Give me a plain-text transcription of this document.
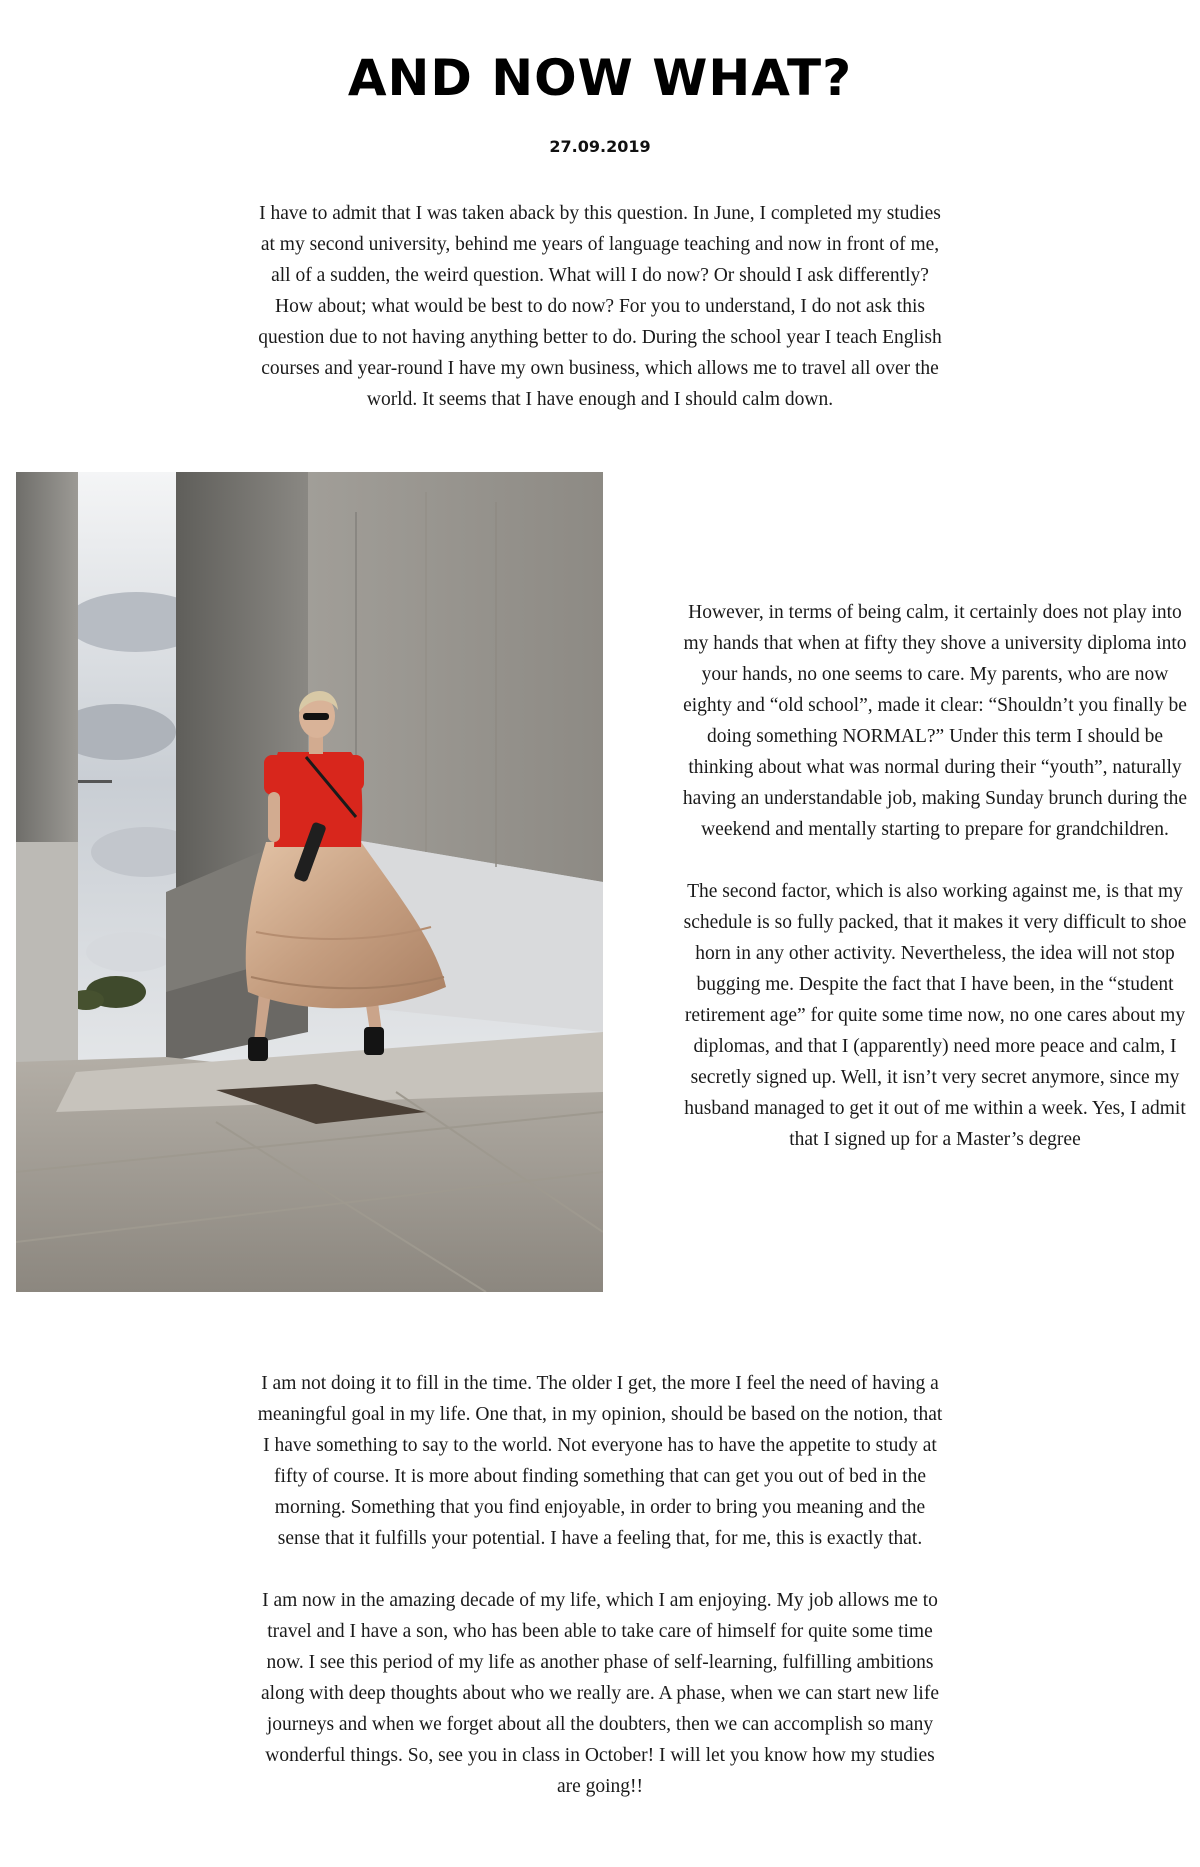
AND NOW WHAT?
27.09.2019

I have to admit that I was taken aback by this question. In June, I completed my studies at my second university, behind me years of language teaching and now in front of me, all of a sudden, the weird question. What will I do now? Or should I ask differently? How about; what would be best to do now? For you to understand, I do not ask this question due to not having anything better to do. During the school year I teach English courses and year-round I have my own business, which allows me to travel all over the world. It seems that I have enough and I should calm down.

However, in terms of being calm, it certainly does not play into my hands that when at fifty they shove a university diploma into your hands, no one seems to care. My parents, who are now eighty and “old school”, made it clear: “Shouldn’t you finally be doing something NORMAL?” Under this term I should be thinking about what was normal during their “youth”, naturally having an understandable job, making Sunday brunch during the weekend and mentally starting to prepare for grandchildren.

The second factor, which is also working against me, is that my schedule is so fully packed, that it makes it very difficult to shoe horn in any other activity. Nevertheless, the idea will not stop bugging me. Despite the fact that I have been, in the “student retirement age” for quite some time now, no one cares about my diplomas, and that I (apparently) need more peace and calm, I secretly signed up. Well, it isn’t very secret anymore, since my husband managed to get it out of me within a week. Yes, I admit that I signed up for a Master’s degree

I am not doing it to fill in the time. The older I get, the more I feel the need of having a meaningful goal in my life. One that, in my opinion, should be based on the notion, that I have something to say to the world. Not everyone has to have the appetite to study at fifty of course. It is more about finding something that can get you out of bed in the morning. Something that you find enjoyable, in order to bring you meaning and the sense that it fulfills your potential. I have a feeling that, for me, this is exactly that.

I am now in the amazing decade of my life, which I am enjoying. My job allows me to travel and I have a son, who has been able to take care of himself for quite some time now. I see this period of my life as another phase of self-learning, fulfilling ambitions along with deep thoughts about who we really are. A phase, when we can start new life journeys and when we forget about all the doubters, then we can accomplish so many wonderful things. So, see you in class in October! I will let you know how my studies are going!!
